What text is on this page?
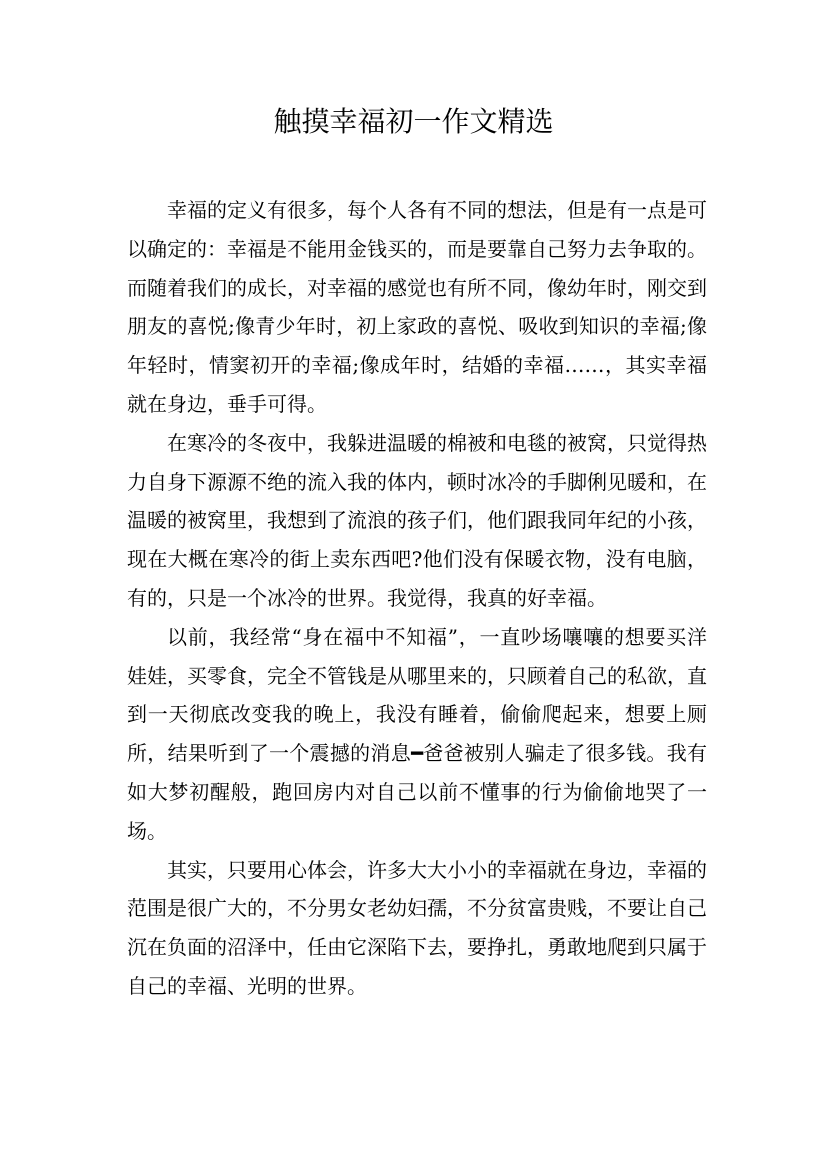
触摸幸福初一作文精选

幸福的定义有很多，每个人各有不同的想法，但是有一点是可以确定的：幸福是不能用金钱买的，而是要靠自己努力去争取的。而随着我们的成长，对幸福的感觉也有所不同，像幼年时，刚交到朋友的喜悦;像青少年时，初上家政的喜悦、吸收到知识的幸福;像年轻时，情窦初开的幸福;像成年时，结婚的幸福……，其实幸福就在身边，垂手可得。

在寒冷的冬夜中，我躲进温暖的棉被和电毯的被窝，只觉得热力自身下源源不绝的流入我的体内，顿时冰冷的手脚俐见暖和，在温暖的被窝里，我想到了流浪的孩子们，他们跟我同年纪的小孩，现在大概在寒冷的街上卖东西吧?他们没有保暖衣物，没有电脑，有的，只是一个冰冷的世界。我觉得，我真的好幸福。

以前，我经常“身在福中不知福”，一直吵场嚷嚷的想要买洋娃娃，买零食，完全不管钱是从哪里来的，只顾着自己的私欲，直到一天彻底改变我的晚上，我没有睡着，偷偷爬起来，想要上厕所，结果听到了一个震撼的消息━爸爸被别人骗走了很多钱。我有如大梦初醒般，跑回房内对自己以前不懂事的行为偷偷地哭了一场。

其实，只要用心体会，许多大大小小的幸福就在身边，幸福的范围是很广大的，不分男女老幼妇孺，不分贫富贵贱，不要让自己沉在负面的沼泽中，任由它深陷下去，要挣扎，勇敢地爬到只属于自己的幸福、光明的世界。
